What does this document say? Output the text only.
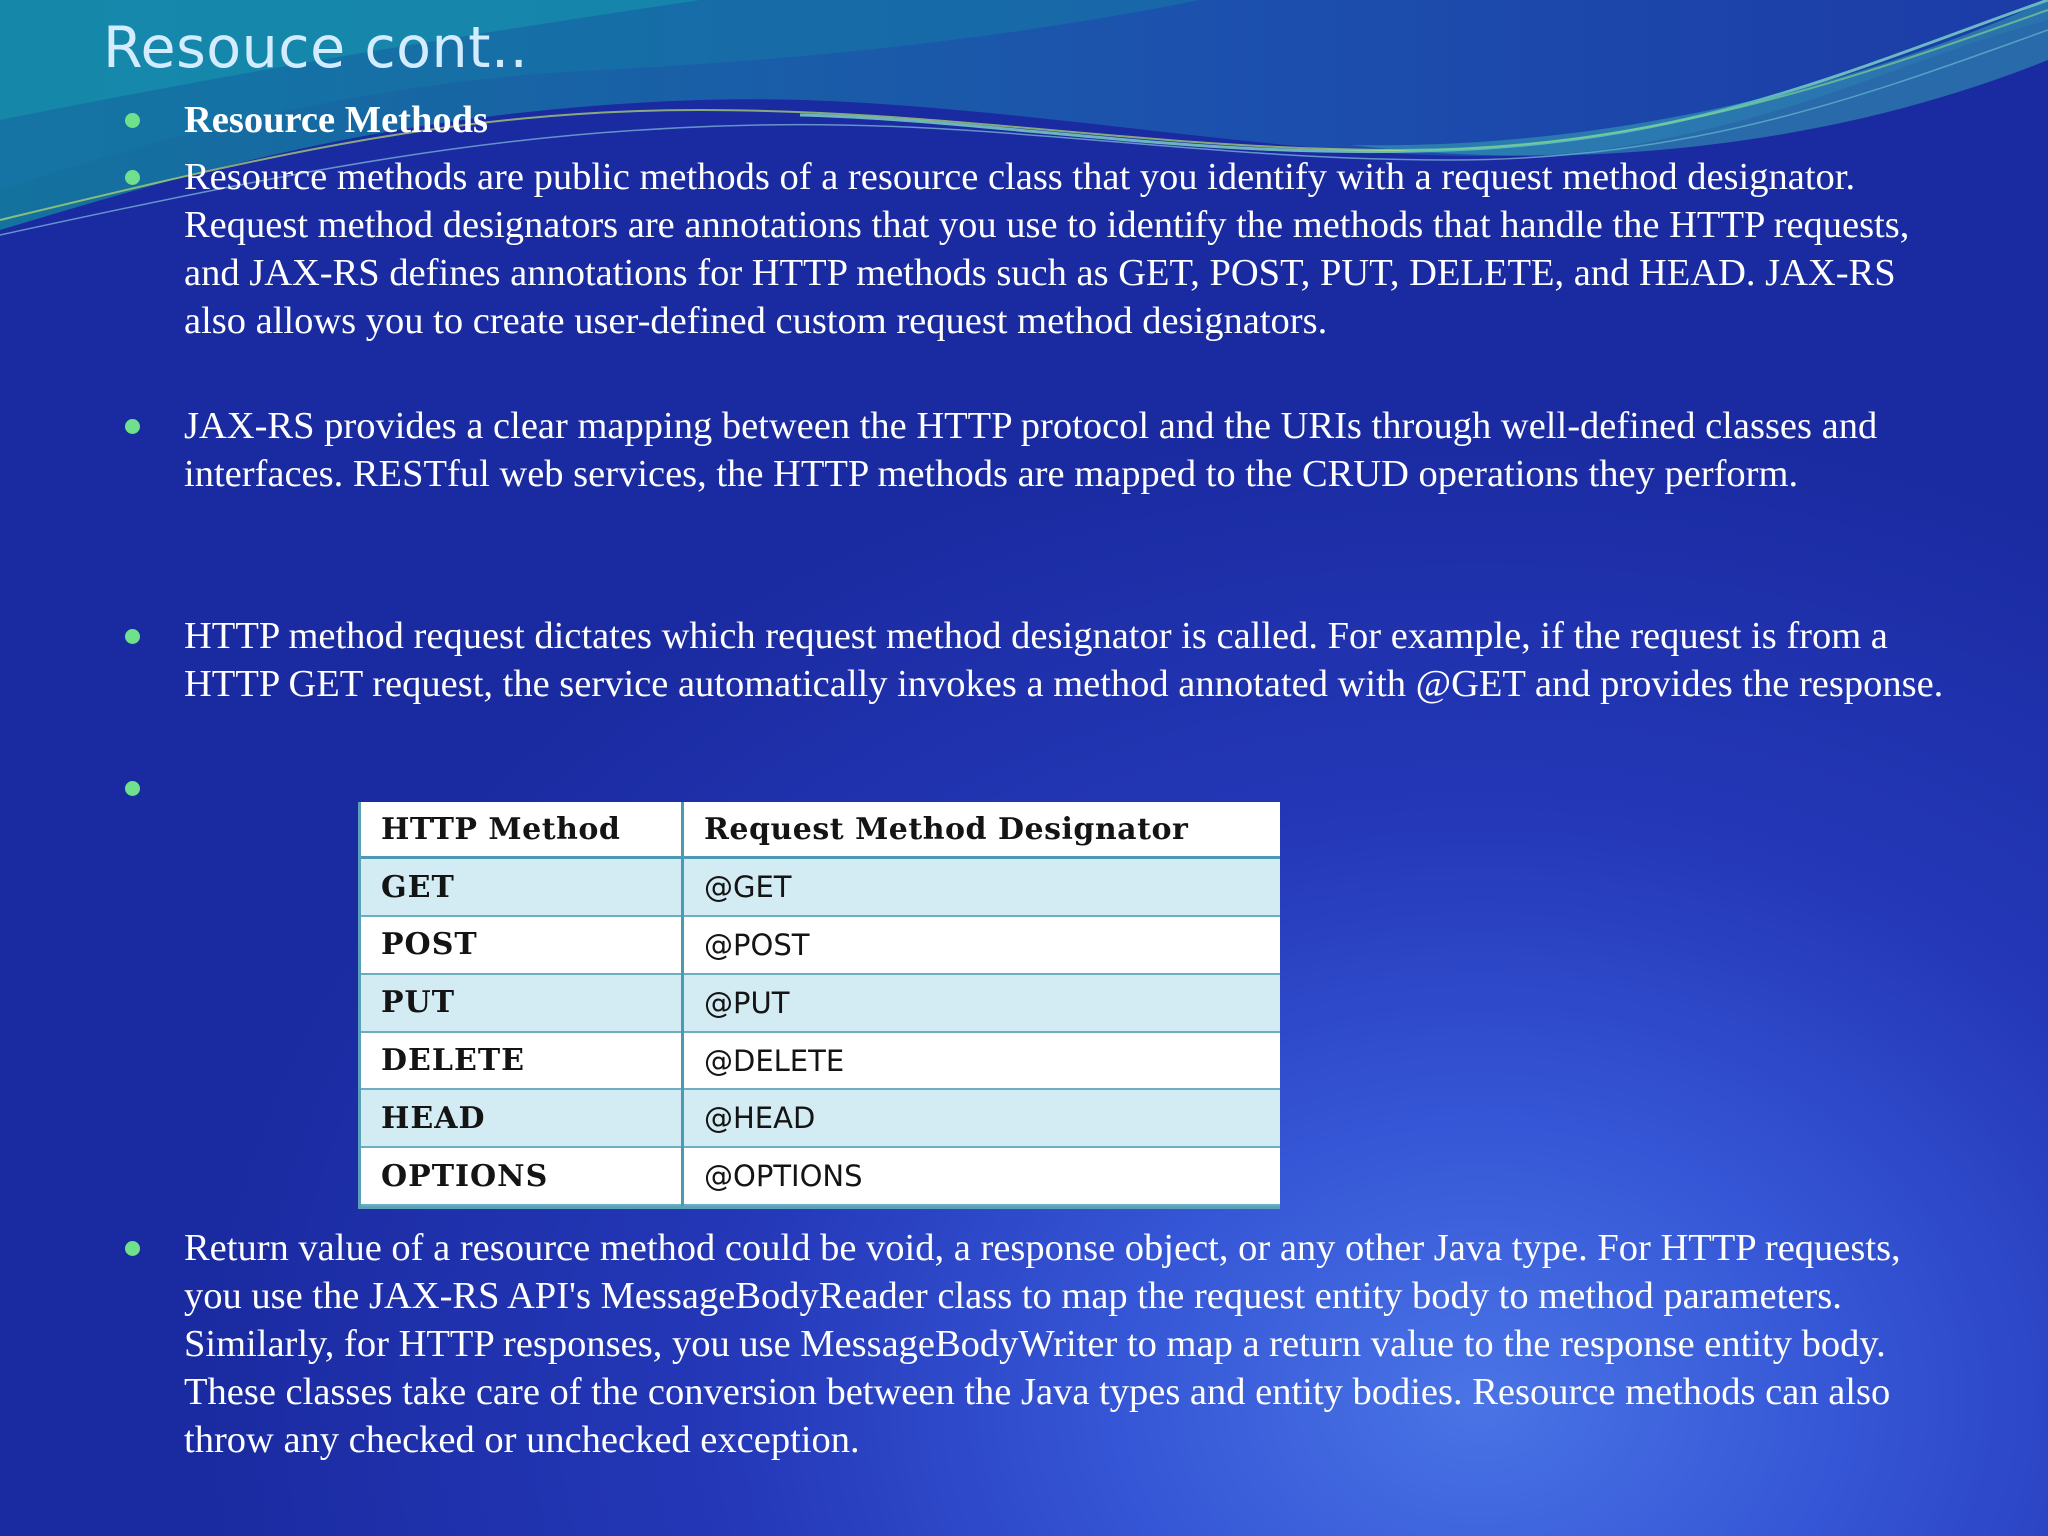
Resouce cont..
Resource Methods
Resource methods are public methods of a resource class that you identify with a request method designator. Request method designators are annotations that you use to identify the methods that handle the HTTP requests, and JAX-RS defines annotations for HTTP methods such as GET, POST, PUT, DELETE, and HEAD. JAX-RS also allows you to create user-defined custom request method designators.
JAX-RS provides a clear mapping between the HTTP protocol and the URIs through well-defined classes and interfaces. RESTful web services, the HTTP methods are mapped to the CRUD operations they perform.
HTTP method request dictates which request method designator is called. For example, if the request is from a HTTP GET request, the service automatically invokes a method annotated with @GET and provides the response.
Return value of a resource method could be void, a response object, or any other Java type. For HTTP requests, you use the JAX-RS API's MessageBodyReader class to map the request entity body to method parameters. Similarly, for HTTP responses, you use MessageBodyWriter to map a return value to the response entity body. These classes take care of the conversion between the Java types and entity bodies. Resource methods can also throw any checked or unchecked exception.
HTTP Method	Request Method Designator
GET	@GET
POST	@POST
PUT	@PUT
DELETE	@DELETE
HEAD	@HEAD
OPTIONS	@OPTIONS
